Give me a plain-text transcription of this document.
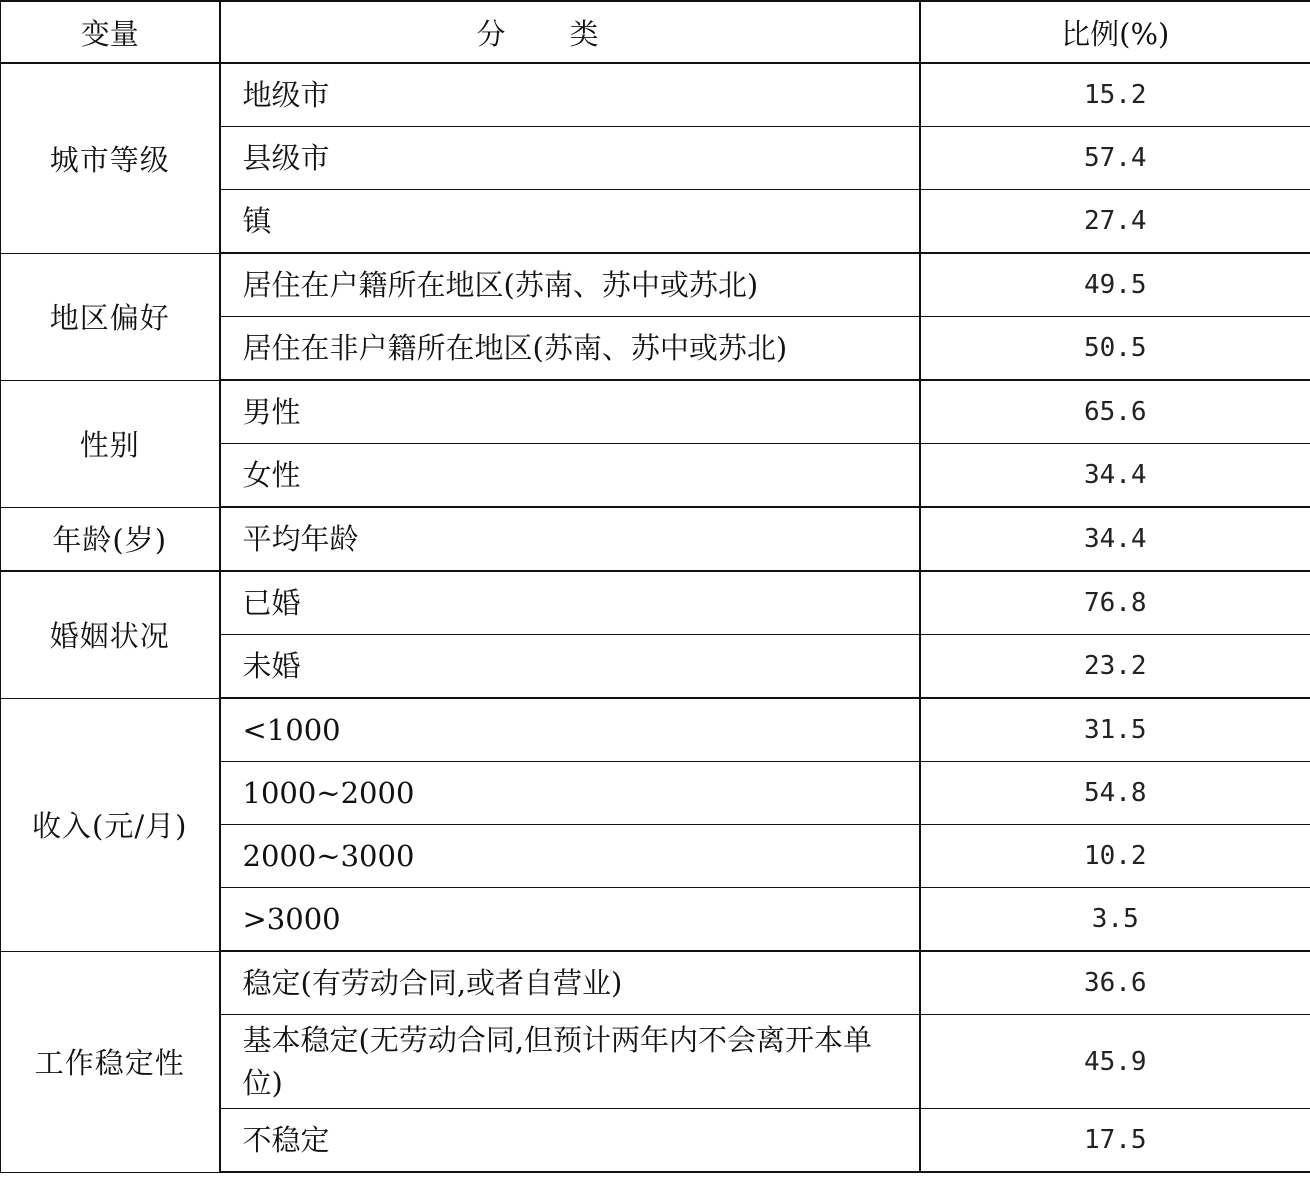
变量	分类	比例(%)
城市等级	地级市	15.2
	县级市	57.4
	镇	27.4
地区偏好	居住在户籍所在地区(苏南、苏中或苏北)	49.5
	居住在非户籍所在地区(苏南、苏中或苏北)	50.5
性别	男性	65.6
	女性	34.4
年龄(岁)	平均年龄	34.4
婚姻状况	已婚	76.8
	未婚	23.2
收入(元/月)	<1000	31.5
	1000~2000	54.8
	2000~3000	10.2
	>3000	3.5
工作稳定性	稳定(有劳动合同,或者自营业)	36.6
	基本稳定(无劳动合同,但预计两年内不会离开本单位)	45.9
	不稳定	17.5
